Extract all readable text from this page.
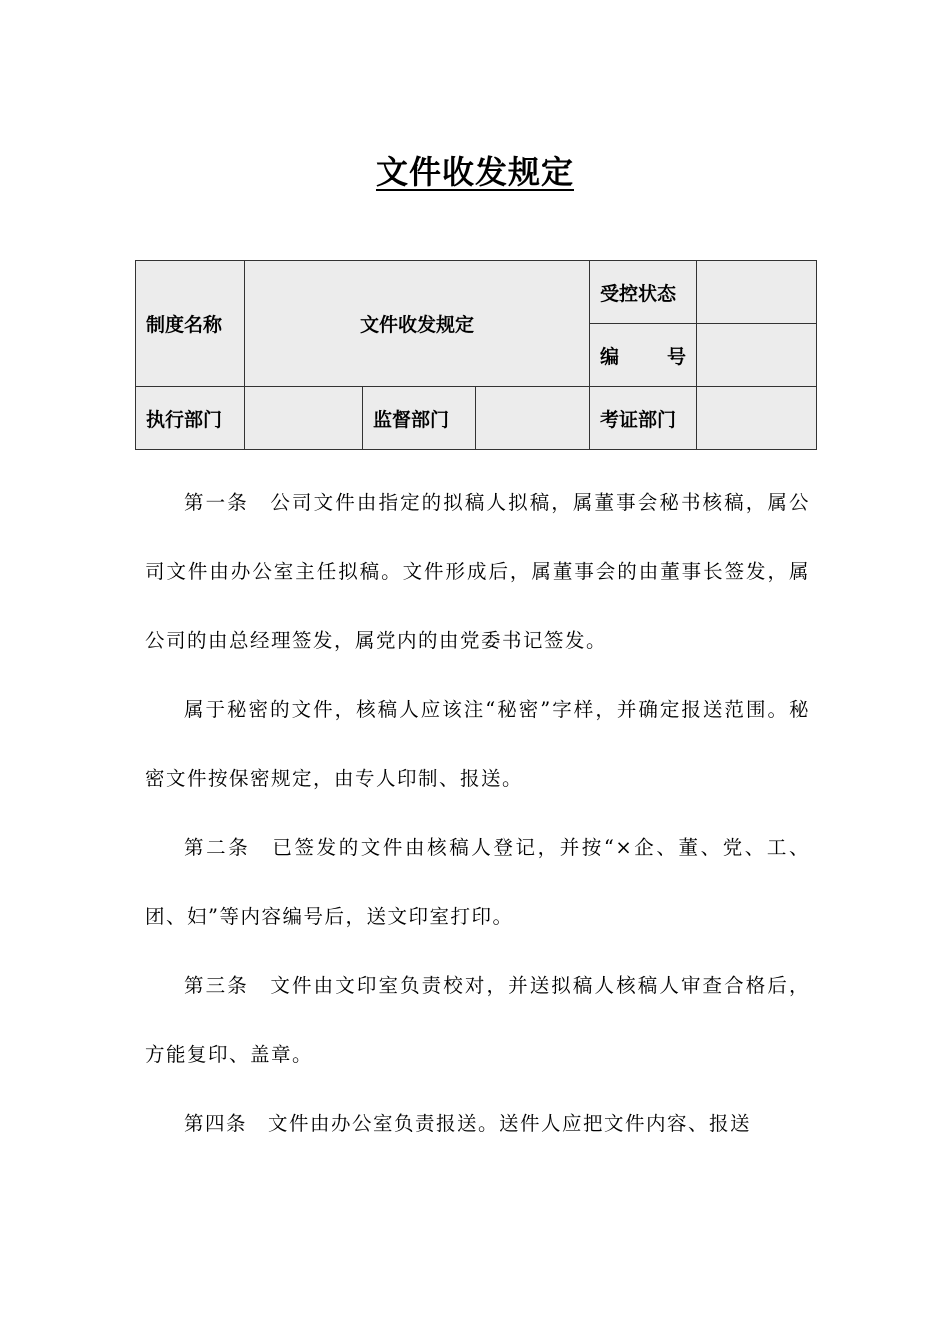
文件收发规定
制度名称	文件收发规定			受控状态	

				编 号	

执行部门		监督部门		考证部门	

第一条　公司文件由指定的拟稿人拟稿，属董事会秘书核稿，属公司文件由办公室主任拟稿。文件形成后，属董事会的由董事长签发，属公司的由总经理签发，属党内的由党委书记签发。

属于秘密的文件，核稿人应该注“秘密”字样，并确定报送范围。秘密文件按保密规定，由专人印制、报送。

第二条　已签发的文件由核稿人登记，并按“×企、董、党、工、团、妇”等内容编号后，送文印室打印。

第三条　文件由文印室负责校对，并送拟稿人核稿人审查合格后，方能复印、盖章。

第四条　文件由办公室负责报送。送件人应把文件内容、报送
